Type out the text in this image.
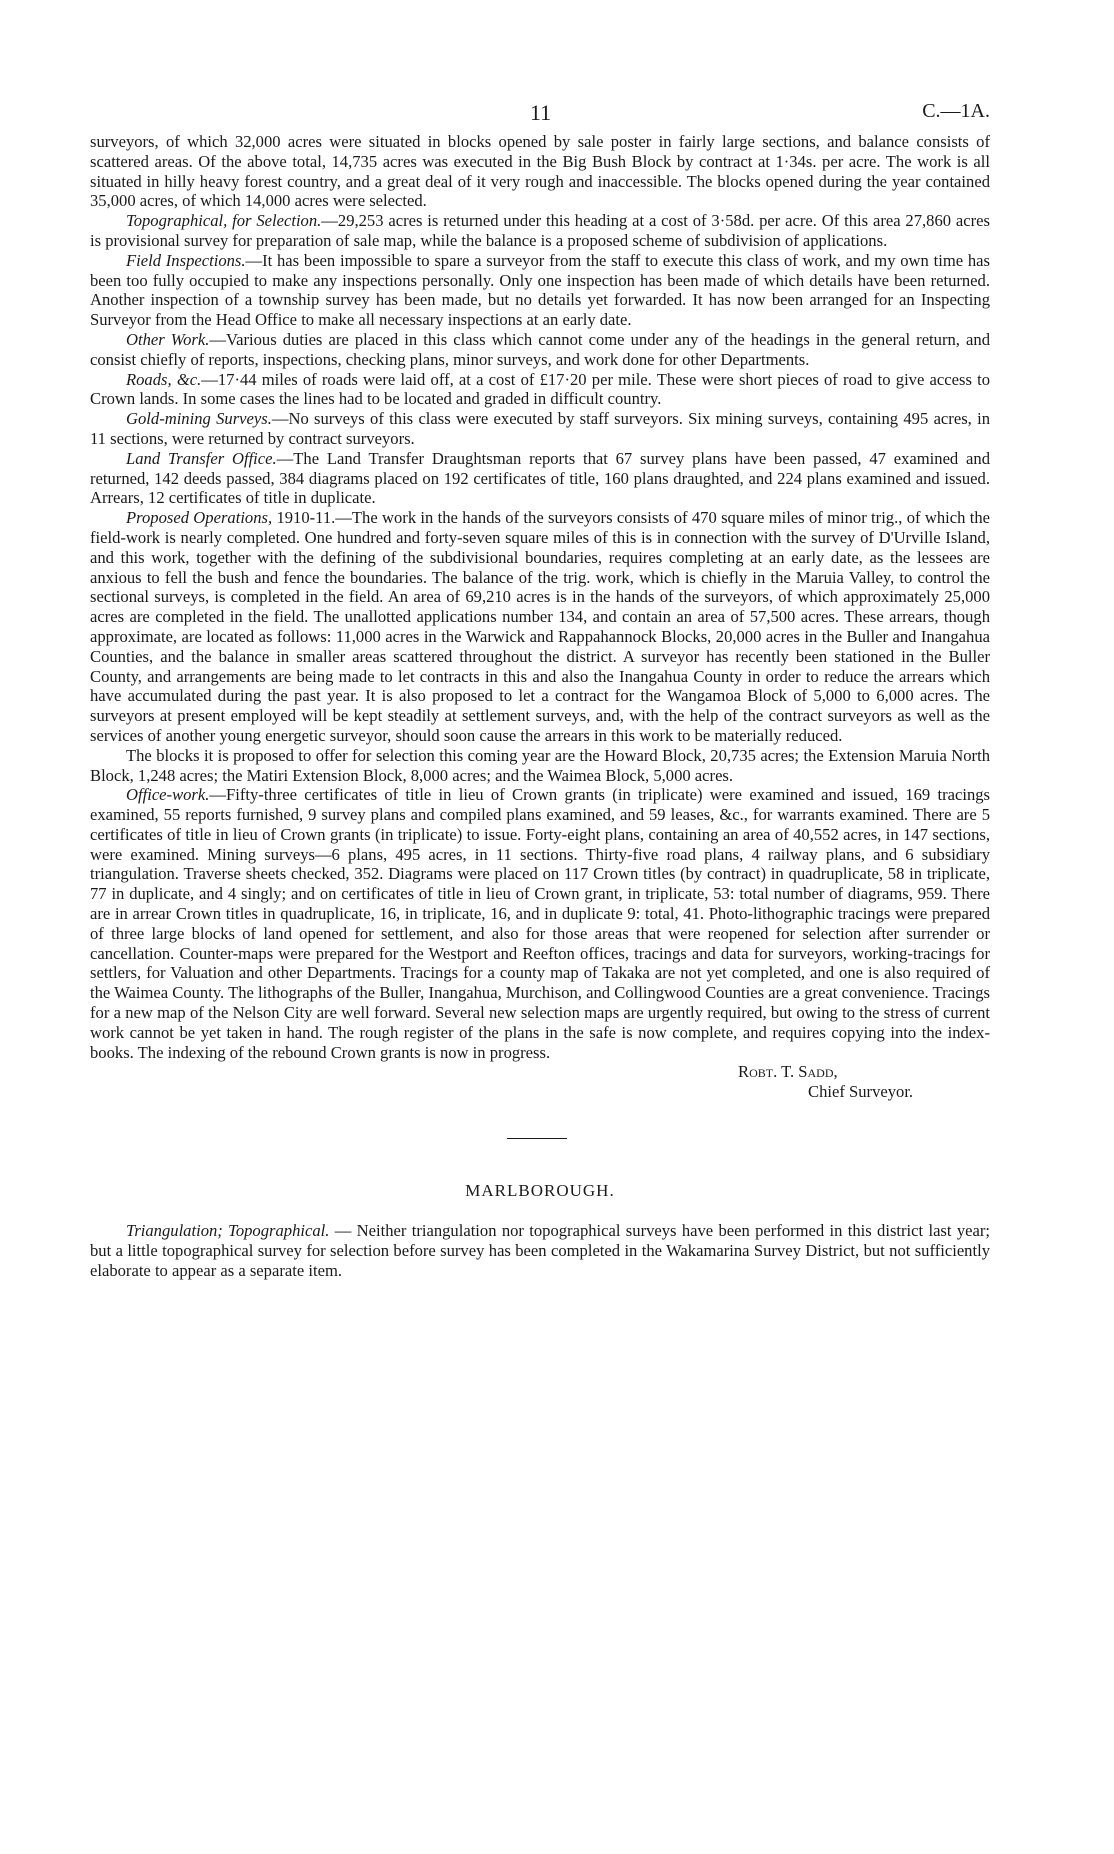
11	C.—1A.

surveyors, of which 32,000 acres were situated in blocks opened by sale poster in fairly large sections, and balance consists of scattered areas. Of the above total, 14,735 acres was executed in the Big Bush Block by contract at 1·34s. per acre. The work is all situated in hilly heavy forest country, and a great deal of it very rough and inaccessible. The blocks opened during the year contained 35,000 acres, of which 14,000 acres were selected.

Topographical, for Selection.—29,253 acres is returned under this heading at a cost of 3·58d. per acre. Of this area 27,860 acres is provisional survey for preparation of sale map, while the balance is a proposed scheme of subdivision of applications.

Field Inspections.—It has been impossible to spare a surveyor from the staff to execute this class of work, and my own time has been too fully occupied to make any inspections personally. Only one inspection has been made of which details have been returned. Another inspection of a township survey has been made, but no details yet forwarded. It has now been arranged for an Inspecting Surveyor from the Head Office to make all necessary inspections at an early date.

Other Work.—Various duties are placed in this class which cannot come under any of the headings in the general return, and consist chiefly of reports, inspections, checking plans, minor surveys, and work done for other Departments.

Roads, &c.—17·44 miles of roads were laid off, at a cost of £17·20 per mile. These were short pieces of road to give access to Crown lands. In some cases the lines had to be located and graded in difficult country.

Gold-mining Surveys.—No surveys of this class were executed by staff surveyors. Six mining surveys, containing 495 acres, in 11 sections, were returned by contract surveyors.

Land Transfer Office.—The Land Transfer Draughtsman reports that 67 survey plans have been passed, 47 examined and returned, 142 deeds passed, 384 diagrams placed on 192 certificates of title, 160 plans draughted, and 224 plans examined and issued. Arrears, 12 certificates of title in duplicate.

Proposed Operations, 1910-11.—The work in the hands of the surveyors consists of 470 square miles of minor trig., of which the field-work is nearly completed. One hundred and forty-seven square miles of this is in connection with the survey of D'Urville Island, and this work, together with the defining of the subdivisional boundaries, requires completing at an early date, as the lessees are anxious to fell the bush and fence the boundaries. The balance of the trig. work, which is chiefly in the Maruia Valley, to control the sectional surveys, is completed in the field. An area of 69,210 acres is in the hands of the surveyors, of which approximately 25,000 acres are completed in the field. The unallotted applications number 134, and contain an area of 57,500 acres. These arrears, though approximate, are located as follows: 11,000 acres in the Warwick and Rappahannock Blocks, 20,000 acres in the Buller and Inangahua Counties, and the balance in smaller areas scattered throughout the district. A surveyor has recently been stationed in the Buller County, and arrangements are being made to let contracts in this and also the Inangahua County in order to reduce the arrears which have accumulated during the past year. It is also proposed to let a contract for the Wangamoa Block of 5,000 to 6,000 acres. The surveyors at present employed will be kept steadily at settlement surveys, and, with the help of the contract surveyors as well as the services of another young energetic surveyor, should soon cause the arrears in this work to be materially reduced.

The blocks it is proposed to offer for selection this coming year are the Howard Block, 20,735 acres; the Extension Maruia North Block, 1,248 acres; the Matiri Extension Block, 8,000 acres; and the Waimea Block, 5,000 acres.

Office-work.—Fifty-three certificates of title in lieu of Crown grants (in triplicate) were examined and issued, 169 tracings examined, 55 reports furnished, 9 survey plans and compiled plans examined, and 59 leases, &c., for warrants examined. There are 5 certificates of title in lieu of Crown grants (in triplicate) to issue. Forty-eight plans, containing an area of 40,552 acres, in 147 sections, were examined. Mining surveys—6 plans, 495 acres, in 11 sections. Thirty-five road plans, 4 railway plans, and 6 subsidiary triangulation. Traverse sheets checked, 352. Diagrams were placed on 117 Crown titles (by contract) in quadruplicate, 58 in triplicate, 77 in duplicate, and 4 singly; and on certificates of title in lieu of Crown grant, in triplicate, 53: total number of diagrams, 959. There are in arrear Crown titles in quadruplicate, 16, in triplicate, 16, and in duplicate 9: total, 41. Photo-lithographic tracings were prepared of three large blocks of land opened for settlement, and also for those areas that were reopened for selection after surrender or cancellation. Counter-maps were prepared for the Westport and Reefton offices, tracings and data for surveyors, working-tracings for settlers, for Valuation and other Departments. Tracings for a county map of Takaka are not yet completed, and one is also required of the Waimea County. The lithographs of the Buller, Inangahua, Murchison, and Collingwood Counties are a great convenience. Tracings for a new map of the Nelson City are well forward. Several new selection maps are urgently required, but owing to the stress of current work cannot be yet taken in hand. The rough register of the plans in the safe is now complete, and requires copying into the index-books. The indexing of the rebound Crown grants is now in progress.

Robt. T. Sadd,

Chief Surveyor.

MARLBOROUGH.

Triangulation; Topographical. — Neither triangulation nor topographical surveys have been performed in this district last year; but a little topographical survey for selection before survey has been completed in the Wakamarina Survey District, but not sufficiently elaborate to appear as a separate item.
